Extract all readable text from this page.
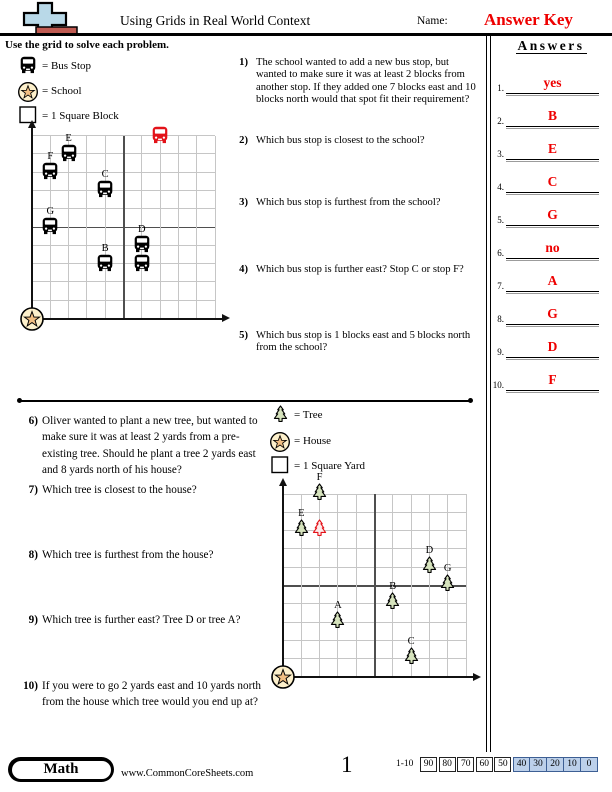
Using Grids in Real World Context	Name: Answer Key
Use the grid to solve each problem.
= Bus Stop
= School
= 1 Square Block
E
F
C
G
D
B
1) The school wanted to add a new bus stop, but wanted to make sure it was at least 2 blocks from another stop. If they added one 7 blocks east and 10 blocks north would that spot fit their requirement?
2) Which bus stop is closest to the school?
3) Which bus stop is furthest from the school?
4) Which bus stop is further east? Stop C or stop F?
5) Which bus stop is 1 blocks east and 5 blocks north from the school?
= Tree
= House
= 1 Square Yard
F
E
D
G
B
A
C
6) Oliver wanted to plant a new tree, but wanted to make sure it was at least 2 yards from a pre-existing tree. Should he plant a tree 2 yards east and 8 yards north of his house?
7) Which tree is closest to the house?
8) Which tree is furthest from the house?
9) Which tree is further east? Tree D or tree A?
10) If you were to go 2 yards east and 10 yards north from the house which tree would you end up at?
Answers
1.	yes
2.	B
3.	E
4.	C
5.	G
6.	no
7.	A
8.	G
9.	D
10.	F
Math	www.CommonCoreSheets.com	1	1-10	90 80 70 60 50 40 30 20 10 0
